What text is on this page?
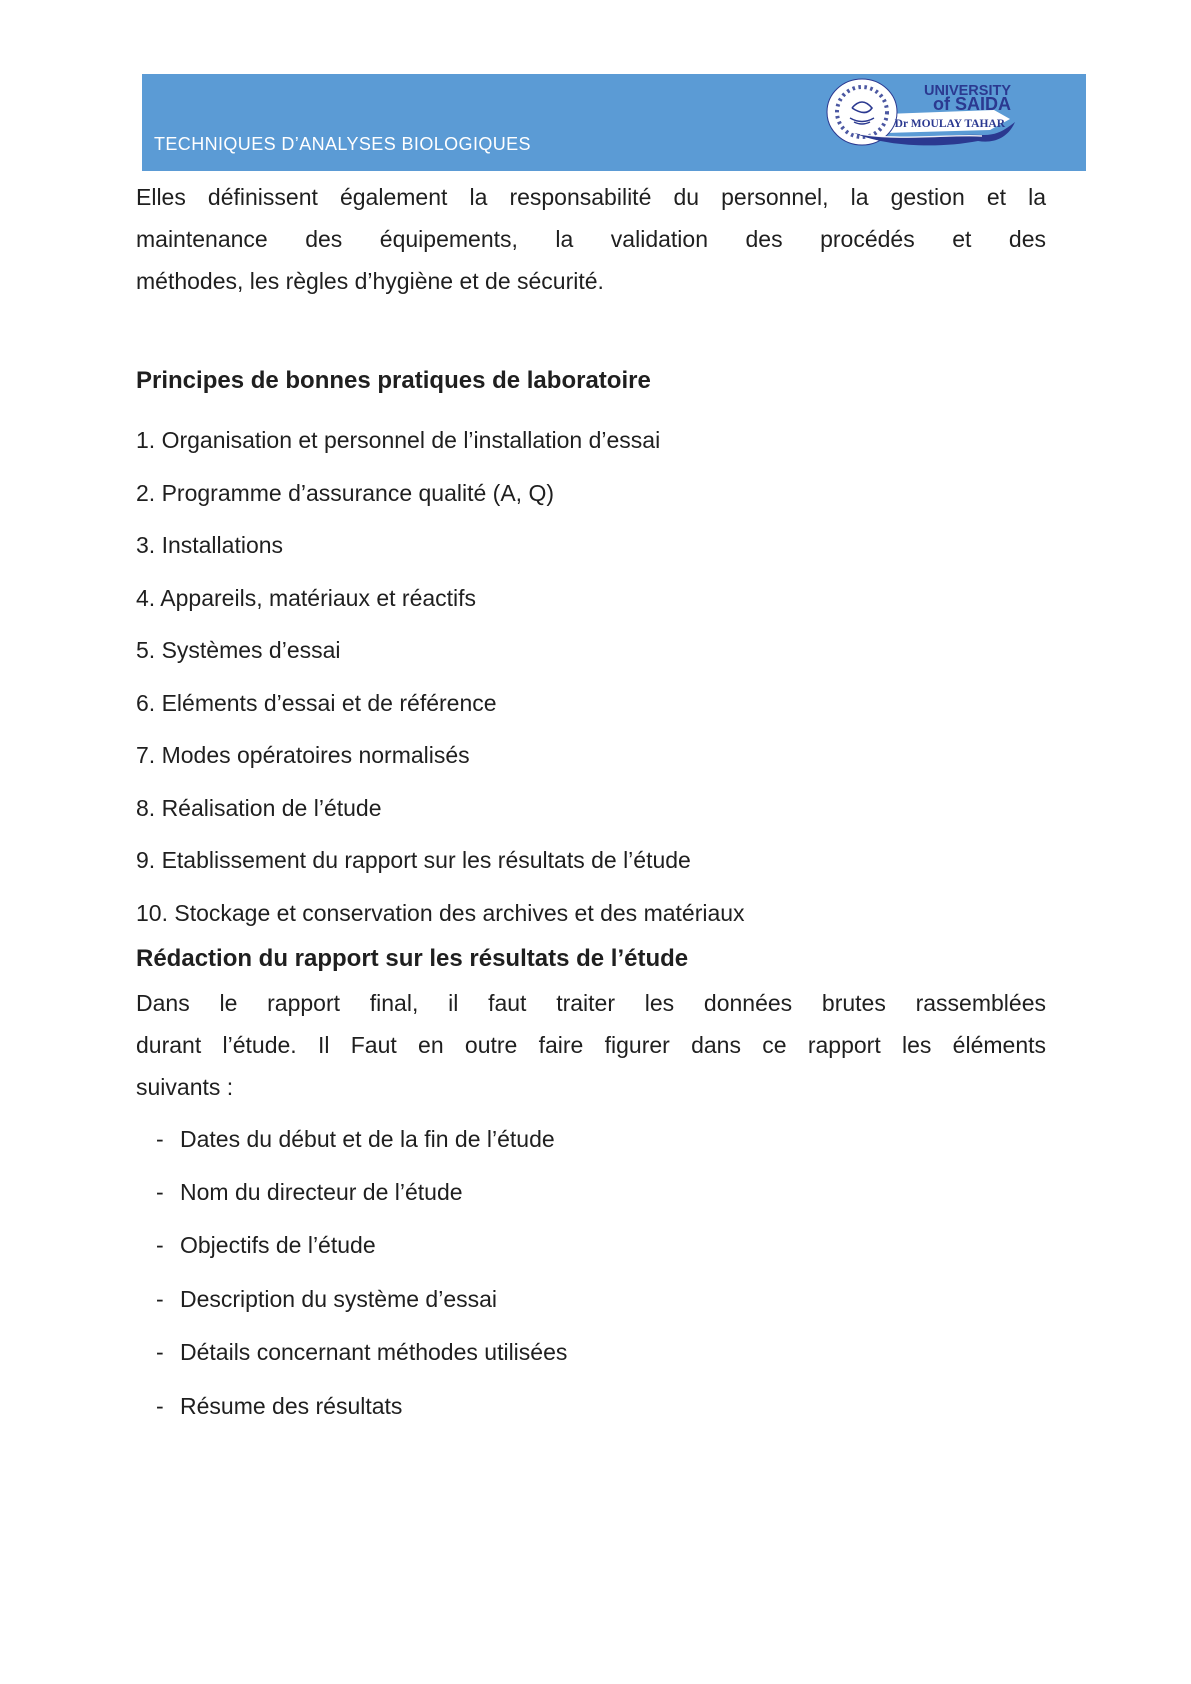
TECHNIQUES D’ANALYSES BIOLOGIQUES
UNIVERSITY
of SAIDA
Dr MOULAY TAHAR
Elles définissent également la responsabilité du personnel, la gestion et la
maintenance des équipements, la validation des procédés et des
méthodes, les règles d’hygiène et de sécurité.
Principes de bonnes pratiques de laboratoire
1. Organisation et personnel de l’installation d’essai
2. Programme d’assurance qualité (A, Q)
3. Installations
4. Appareils, matériaux et réactifs
5. Systèmes d’essai
6. Eléments d’essai et de référence
7. Modes opératoires normalisés
8. Réalisation de l’étude
9. Etablissement du rapport sur les résultats de l’étude
10. Stockage et conservation des archives et des matériaux
Rédaction du rapport sur les résultats de l’étude
Dans le rapport final, il faut traiter les données brutes rassemblées
durant l’étude. Il Faut en outre faire figurer dans ce rapport les éléments
suivants :
- Dates du début et de la fin de l’étude
- Nom du directeur de l’étude
- Objectifs de l’étude
- Description du système d’essai
- Détails concernant méthodes utilisées
- Résume des résultats
